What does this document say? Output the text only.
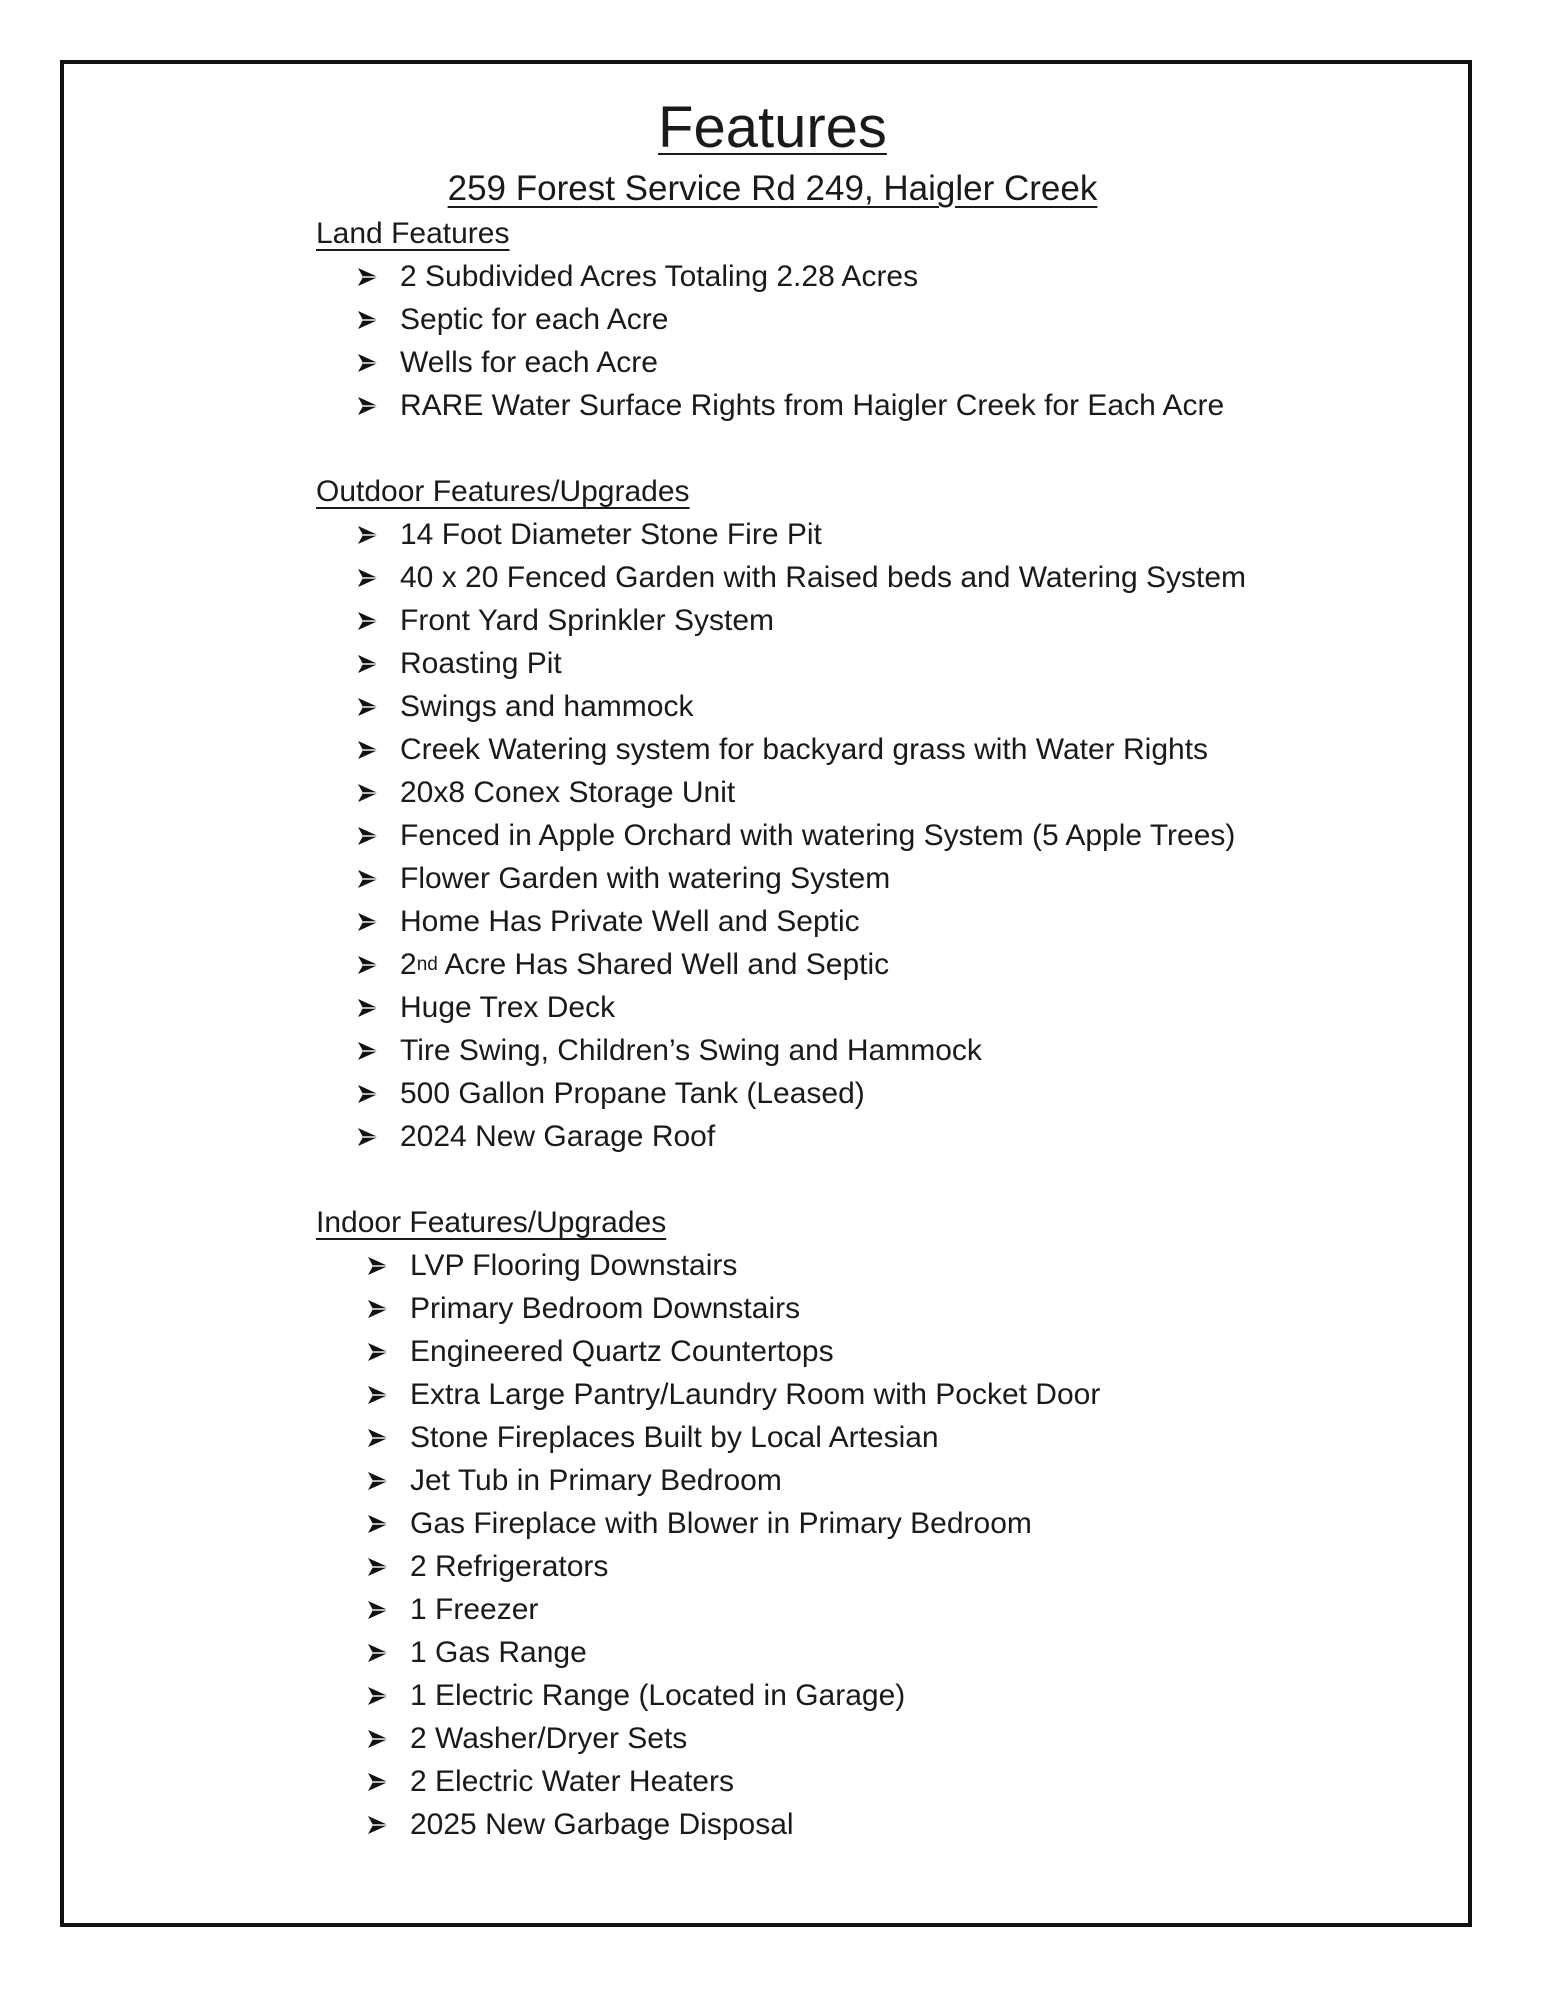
Features
259 Forest Service Rd 249, Haigler Creek
Land Features
2 Subdivided Acres Totaling 2.28 Acres
Septic for each Acre
Wells for each Acre
RARE Water Surface Rights from Haigler Creek for Each Acre
Outdoor Features/Upgrades
14 Foot Diameter Stone Fire Pit
40 x 20 Fenced Garden with Raised beds and Watering System
Front Yard Sprinkler System
Roasting Pit
Swings and hammock
Creek Watering system for backyard grass with Water Rights
20x8 Conex Storage Unit
Fenced in Apple Orchard with watering System (5 Apple Trees)
Flower Garden with watering System
Home Has Private Well and Septic
2 nd Acre Has Shared Well and Septic
Huge Trex Deck
Tire Swing, Children’s Swing and Hammock
500 Gallon Propane Tank (Leased)
2024 New Garage Roof
Indoor Features/Upgrades
LVP Flooring Downstairs
Primary Bedroom Downstairs
Engineered Quartz Countertops
Extra Large Pantry/Laundry Room with Pocket Door
Stone Fireplaces Built by Local Artesian
Jet Tub in Primary Bedroom
Gas Fireplace with Blower in Primary Bedroom
2 Refrigerators
1 Freezer
1 Gas Range
1 Electric Range (Located in Garage)
2 Washer/Dryer Sets
2 Electric Water Heaters
2025 New Garbage Disposal
